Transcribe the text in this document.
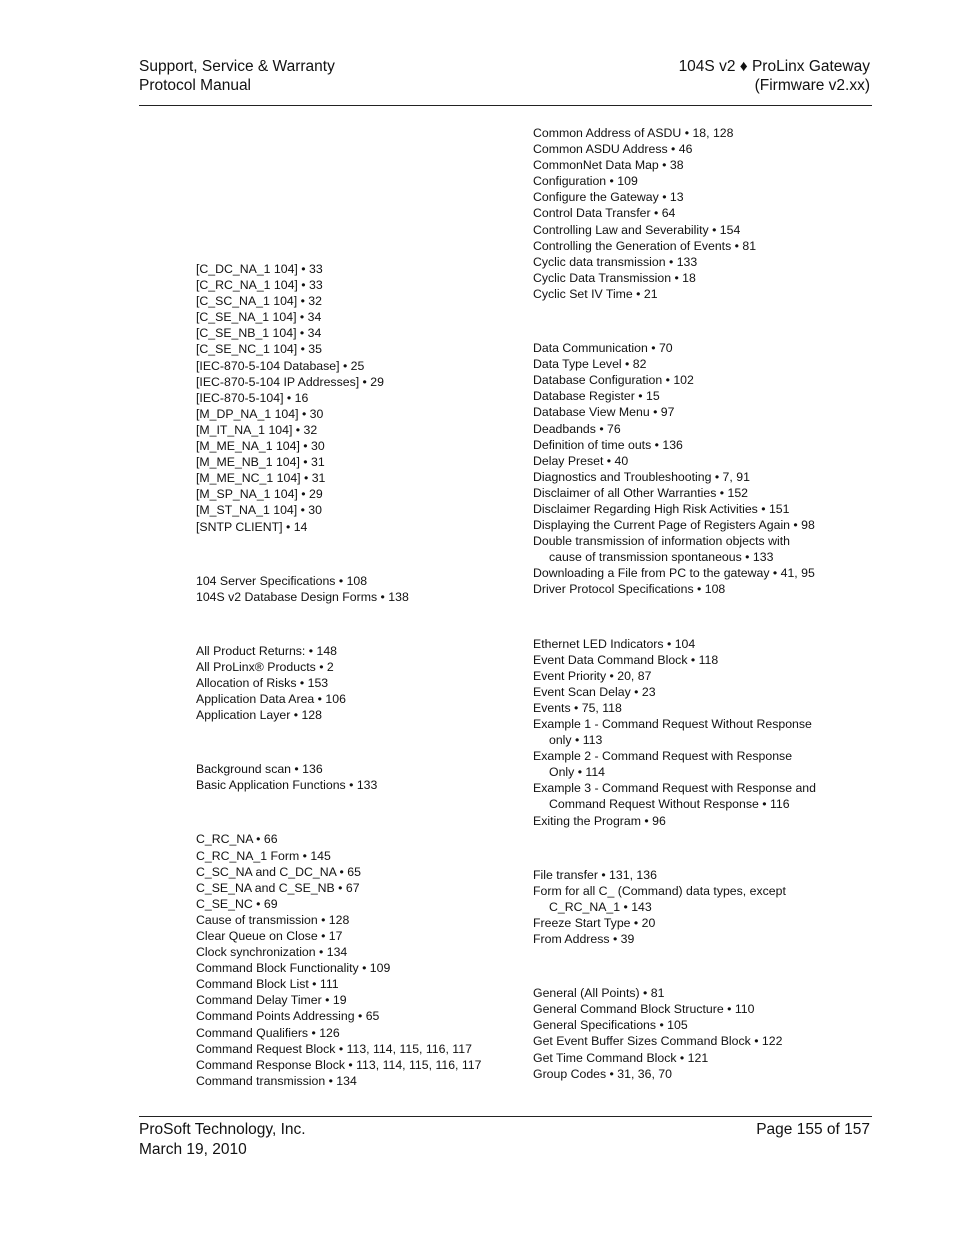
Support, Service & Warranty
Protocol Manual
104S v2 ♦ ProLinx Gateway
(Firmware v2.xx)
[C_DC_NA_1 104] • 33
[C_RC_NA_1 104] • 33
[C_SC_NA_1 104] • 32
[C_SE_NA_1 104] • 34
[C_SE_NB_1 104] • 34
[C_SE_NC_1 104] • 35
[IEC-870-5-104 Database] • 25
[IEC-870-5-104 IP Addresses] • 29
[IEC-870-5-104] • 16
[M_DP_NA_1 104] • 30
[M_IT_NA_1 104] • 32
[M_ME_NA_1 104] • 30
[M_ME_NB_1 104] • 31
[M_ME_NC_1 104] • 31
[M_SP_NA_1 104] • 29
[M_ST_NA_1 104] • 30
[SNTP CLIENT] • 14
104 Server Specifications • 108
104S v2 Database Design Forms • 138
All Product Returns: • 148
All ProLinx® Products • 2
Allocation of Risks • 153
Application Data Area • 106
Application Layer • 128
Background scan • 136
Basic Application Functions • 133
C_RC_NA • 66
C_RC_NA_1 Form • 145
C_SC_NA and C_DC_NA • 65
C_SE_NA and C_SE_NB • 67
C_SE_NC • 69
Cause of transmission • 128
Clear Queue on Close • 17
Clock synchronization • 134
Command Block Functionality • 109
Command Block List • 111
Command Delay Timer • 19
Command Points Addressing • 65
Command Qualifiers • 126
Command Request Block • 113, 114, 115, 116, 117
Command Response Block • 113, 114, 115, 116, 117
Command transmission • 134
Common Address of ASDU • 18, 128
Common ASDU Address • 46
CommonNet Data Map • 38
Configuration • 109
Configure the Gateway • 13
Control Data Transfer • 64
Controlling Law and Severability • 154
Controlling the Generation of Events • 81
Cyclic data transmission • 133
Cyclic Data Transmission • 18
Cyclic Set IV Time • 21
Data Communication • 70
Data Type Level • 82
Database Configuration • 102
Database Register • 15
Database View Menu • 97
Deadbands • 76
Definition of time outs • 136
Delay Preset • 40
Diagnostics and Troubleshooting • 7, 91
Disclaimer of all Other Warranties • 152
Disclaimer Regarding High Risk Activities • 151
Displaying the Current Page of Registers Again • 98
Double transmission of information objects with cause of transmission spontaneous • 133
Downloading a File from PC to the gateway • 41, 95
Driver Protocol Specifications • 108
Ethernet LED Indicators • 104
Event Data Command Block • 118
Event Priority • 20, 87
Event Scan Delay • 23
Events • 75, 118
Example 1 - Command Request Without Response only • 113
Example 2 - Command Request with Response Only • 114
Example 3 - Command Request with Response and Command Request Without Response • 116
Exiting the Program • 96
File transfer • 131, 136
Form for all C_ (Command) data types, except C_RC_NA_1 • 143
Freeze Start Type • 20
From Address • 39
General (All Points) • 81
General Command Block Structure • 110
General Specifications • 105
Get Event Buffer Sizes Command Block • 122
Get Time Command Block • 121
Group Codes • 31, 36, 70
ProSoft Technology, Inc.
March 19, 2010
Page 155 of 157
